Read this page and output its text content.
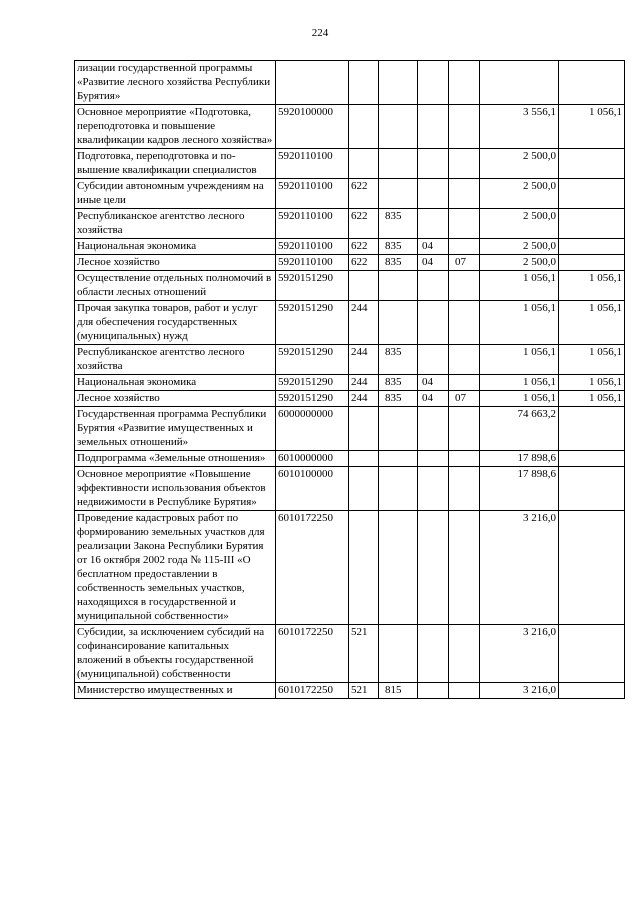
224
лизации государственной программы «Развитие лесного хозяйства Республики Бурятия»							
Основное мероприятие «Подготовка, переподготовка и повышение квалификации кадров лесного хозяйства»	5920100000					3 556,1	1 056,1
Подготовка, переподготовка и повышение квалификации специалистов	5920110100					2 500,0	
Субсидии автономным учреждениям на иные цели	5920110100	622				2 500,0	
Республиканское агентство лесного хозяйства	5920110100	622	835			2 500,0	
Национальная экономика	5920110100	622	835	04		2 500,0	
Лесное хозяйство	5920110100	622	835	04	07	2 500,0	
Осуществление отдельных полномочий в области лесных отношений	5920151290					1 056,1	1 056,1
Прочая закупка товаров, работ и услуг для обеспечения государственных (муниципальных) нужд	5920151290	244				1 056,1	1 056,1
Республиканское агентство лесного хозяйства	5920151290	244	835			1 056,1	1 056,1
Национальная экономика	5920151290	244	835	04		1 056,1	1 056,1
Лесное хозяйство	5920151290	244	835	04	07	1 056,1	1 056,1
Государственная программа Республики Бурятия «Развитие имущественных и земельных отношений»	6000000000					74 663,2	
Подпрограмма «Земельные отношения»	6010000000					17 898,6	
Основное мероприятие «Повышение эффективности использования объектов недвижимости в Республике Бурятия»	6010100000					17 898,6	
Проведение кадастровых работ по формированию земельных участков для реализации Закона Республики Бурятия от 16 октября 2002 года № 115-III «О бесплатном предоставлении в собственность земельных участков, находящихся в государственной и муниципальной собственности»	6010172250					3 216,0	
Субсидии, за исключением субсидий на софинансирование капитальных вложений в объекты государственной (муниципальной) собственности	6010172250	521				3 216,0	
Министерство имущественных и	6010172250	521	815			3 216,0	
